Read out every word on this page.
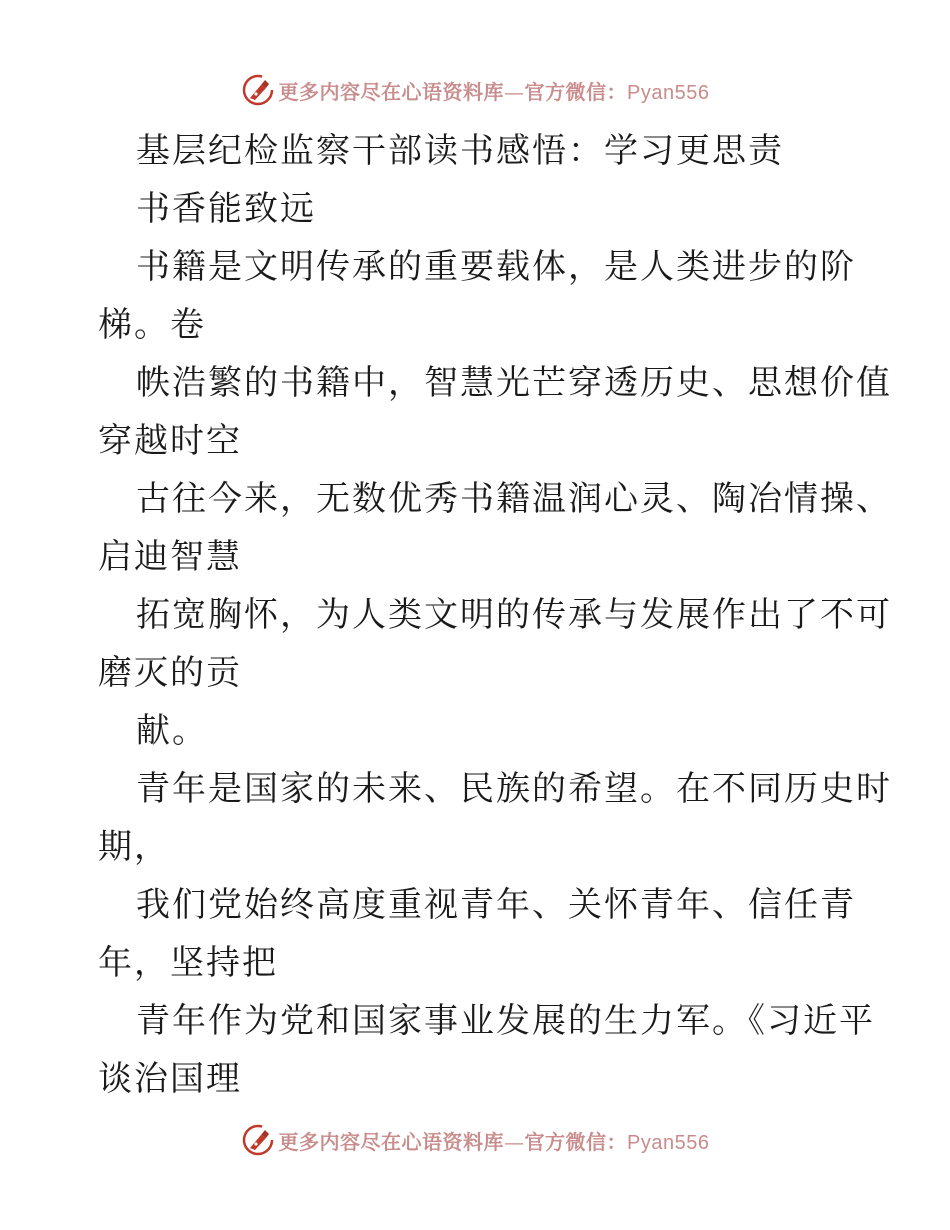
更多内容尽在心语资料库—官方微信：Pyan556
基层纪检监察干部读书感悟：学习更思责
书香能致远
书籍是文明传承的重要载体，是人类进步的阶
梯。卷
帙浩繁的书籍中，智慧光芒穿透历史、思想价值
穿越时空
古往今来，无数优秀书籍温润心灵、陶冶情操、
启迪智慧
拓宽胸怀，为人类文明的传承与发展作出了不可
磨灭的贡
献。
青年是国家的未来、民族的希望。在不同历史时
期，
我们党始终高度重视青年、关怀青年、信任青
年，坚持把
青年作为党和国家事业发展的生力军。《习近平
谈治国理
更多内容尽在心语资料库—官方微信：Pyan556
